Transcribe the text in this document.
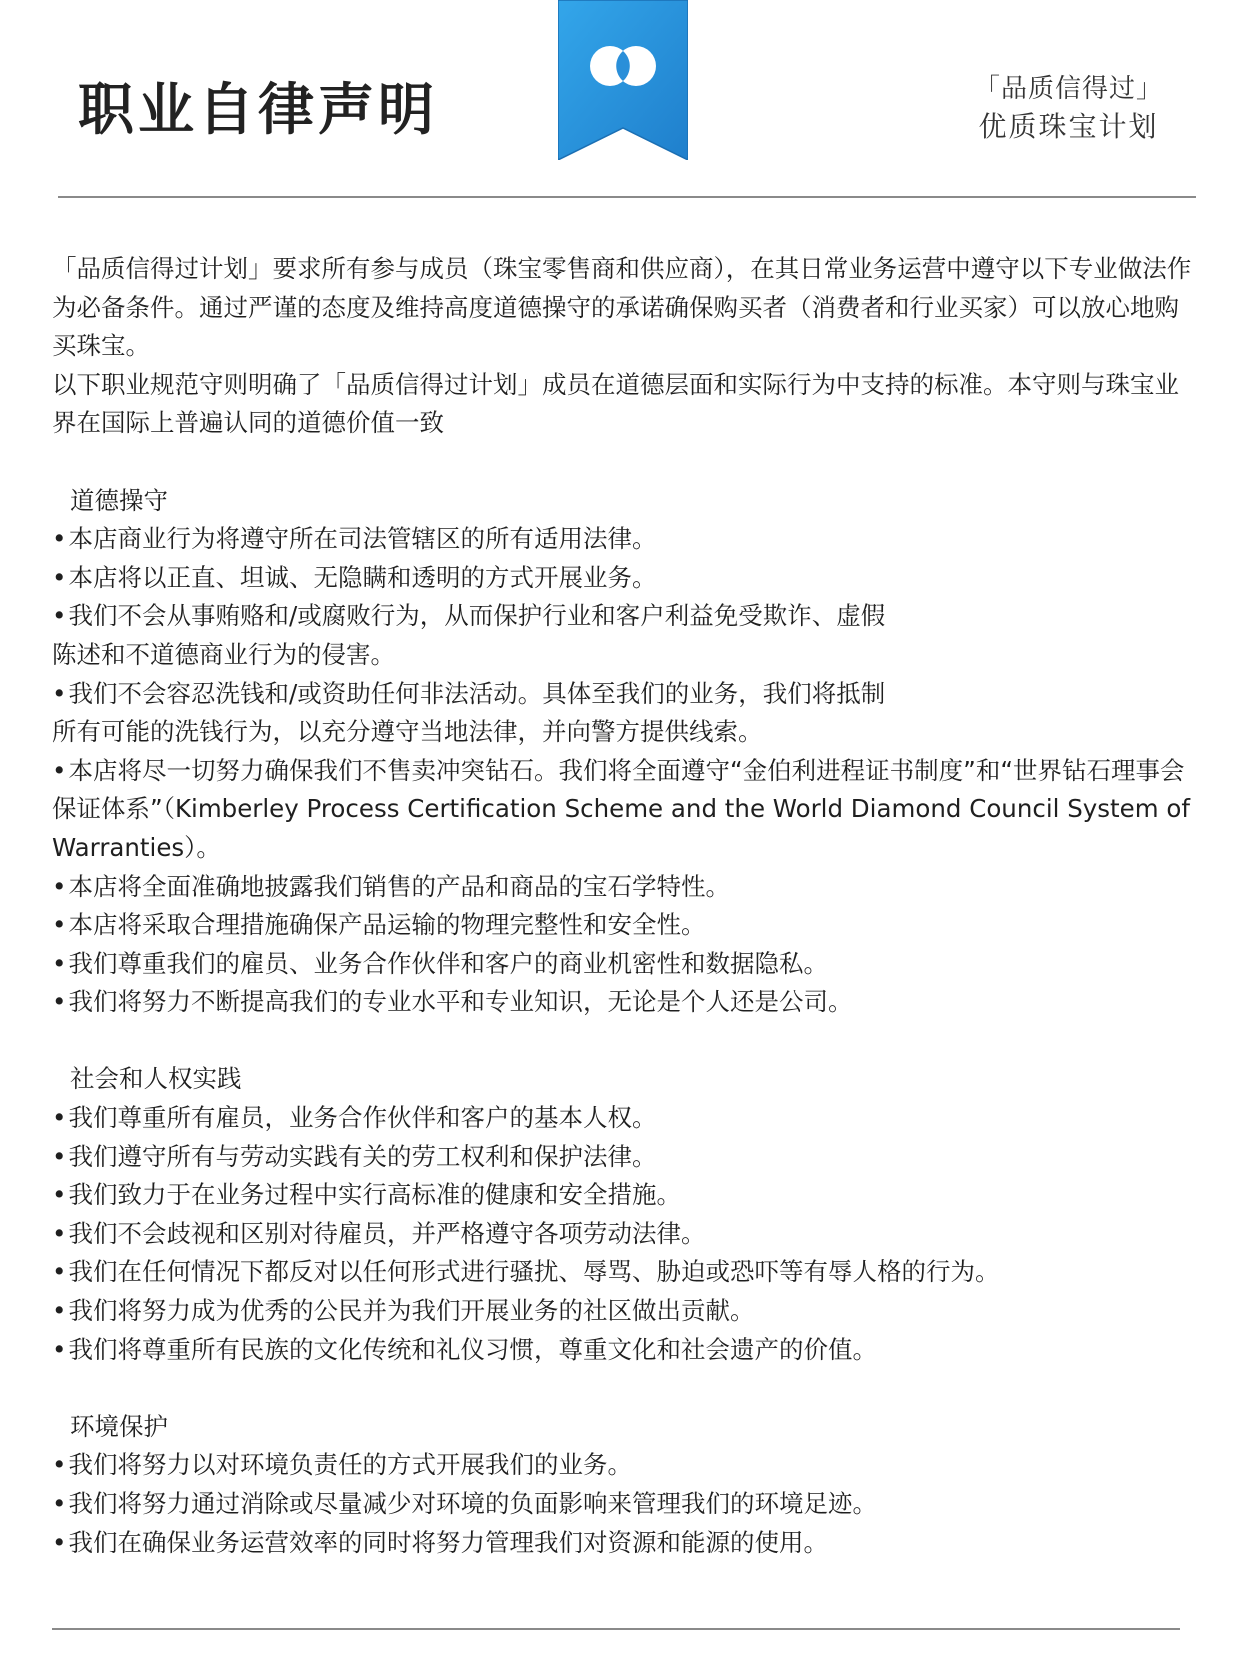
职业自律声明	「品质信得过」
优质珠宝计划

「品质信得过计划」要求所有参与成员（珠宝零售商和供应商），在其日常业务运营中遵守以下专业做法作为必备条件。通过严谨的态度及维持高度道德操守的承诺确保购买者（消费者和行业买家）可以放心地购买珠宝。

以下职业规范守则明确了「品质信得过计划」成员在道德层面和实际行为中支持的标准。本守则与珠宝业界在国际上普遍认同的道德价值一致

道德操守

•本店商业行为将遵守所在司法管辖区的所有适用法律。
•本店将以正直、坦诚、无隐瞒和透明的方式开展业务。
•我们不会从事贿赂和/或腐败行为，从而保护行业和客户利益免受欺诈、虚假陈述和不道德商业行为的侵害。
•我们不会容忍洗钱和/或资助任何非法活动。具体至我们的业务，我们将抵制所有可能的洗钱行为，以充分遵守当地法律，并向警方提供线索。
•本店将尽一切努力确保我们不售卖冲突钻石。我们将全面遵守“金伯利进程证书制度”和“世界钻石理事会保证体系”（Kimberley Process Certification Scheme and the World Diamond Council System of Warranties）。
•本店将全面准确地披露我们销售的产品和商品的宝石学特性。
•本店将采取合理措施确保产品运输的物理完整性和安全性。
•我们尊重我们的雇员、业务合作伙伴和客户的商业机密性和数据隐私。
•我们将努力不断提高我们的专业水平和专业知识，无论是个人还是公司。

社会和人权实践

•我们尊重所有雇员，业务合作伙伴和客户的基本人权。
•我们遵守所有与劳动实践有关的劳工权利和保护法律。
•我们致力于在业务过程中实行高标准的健康和安全措施。
•我们不会歧视和区别对待雇员，并严格遵守各项劳动法律。
•我们在任何情况下都反对以任何形式进行骚扰、辱骂、胁迫或恐吓等有辱人格的行为。
•我们将努力成为优秀的公民并为我们开展业务的社区做出贡献。
•我们将尊重所有民族的文化传统和礼仪习惯，尊重文化和社会遗产的价值。

环境保护

•我们将努力以对环境负责任的方式开展我们的业务。
•我们将努力通过消除或尽量减少对环境的负面影响来管理我们的环境足迹。
•我们在确保业务运营效率的同时将努力管理我们对资源和能源的使用。
